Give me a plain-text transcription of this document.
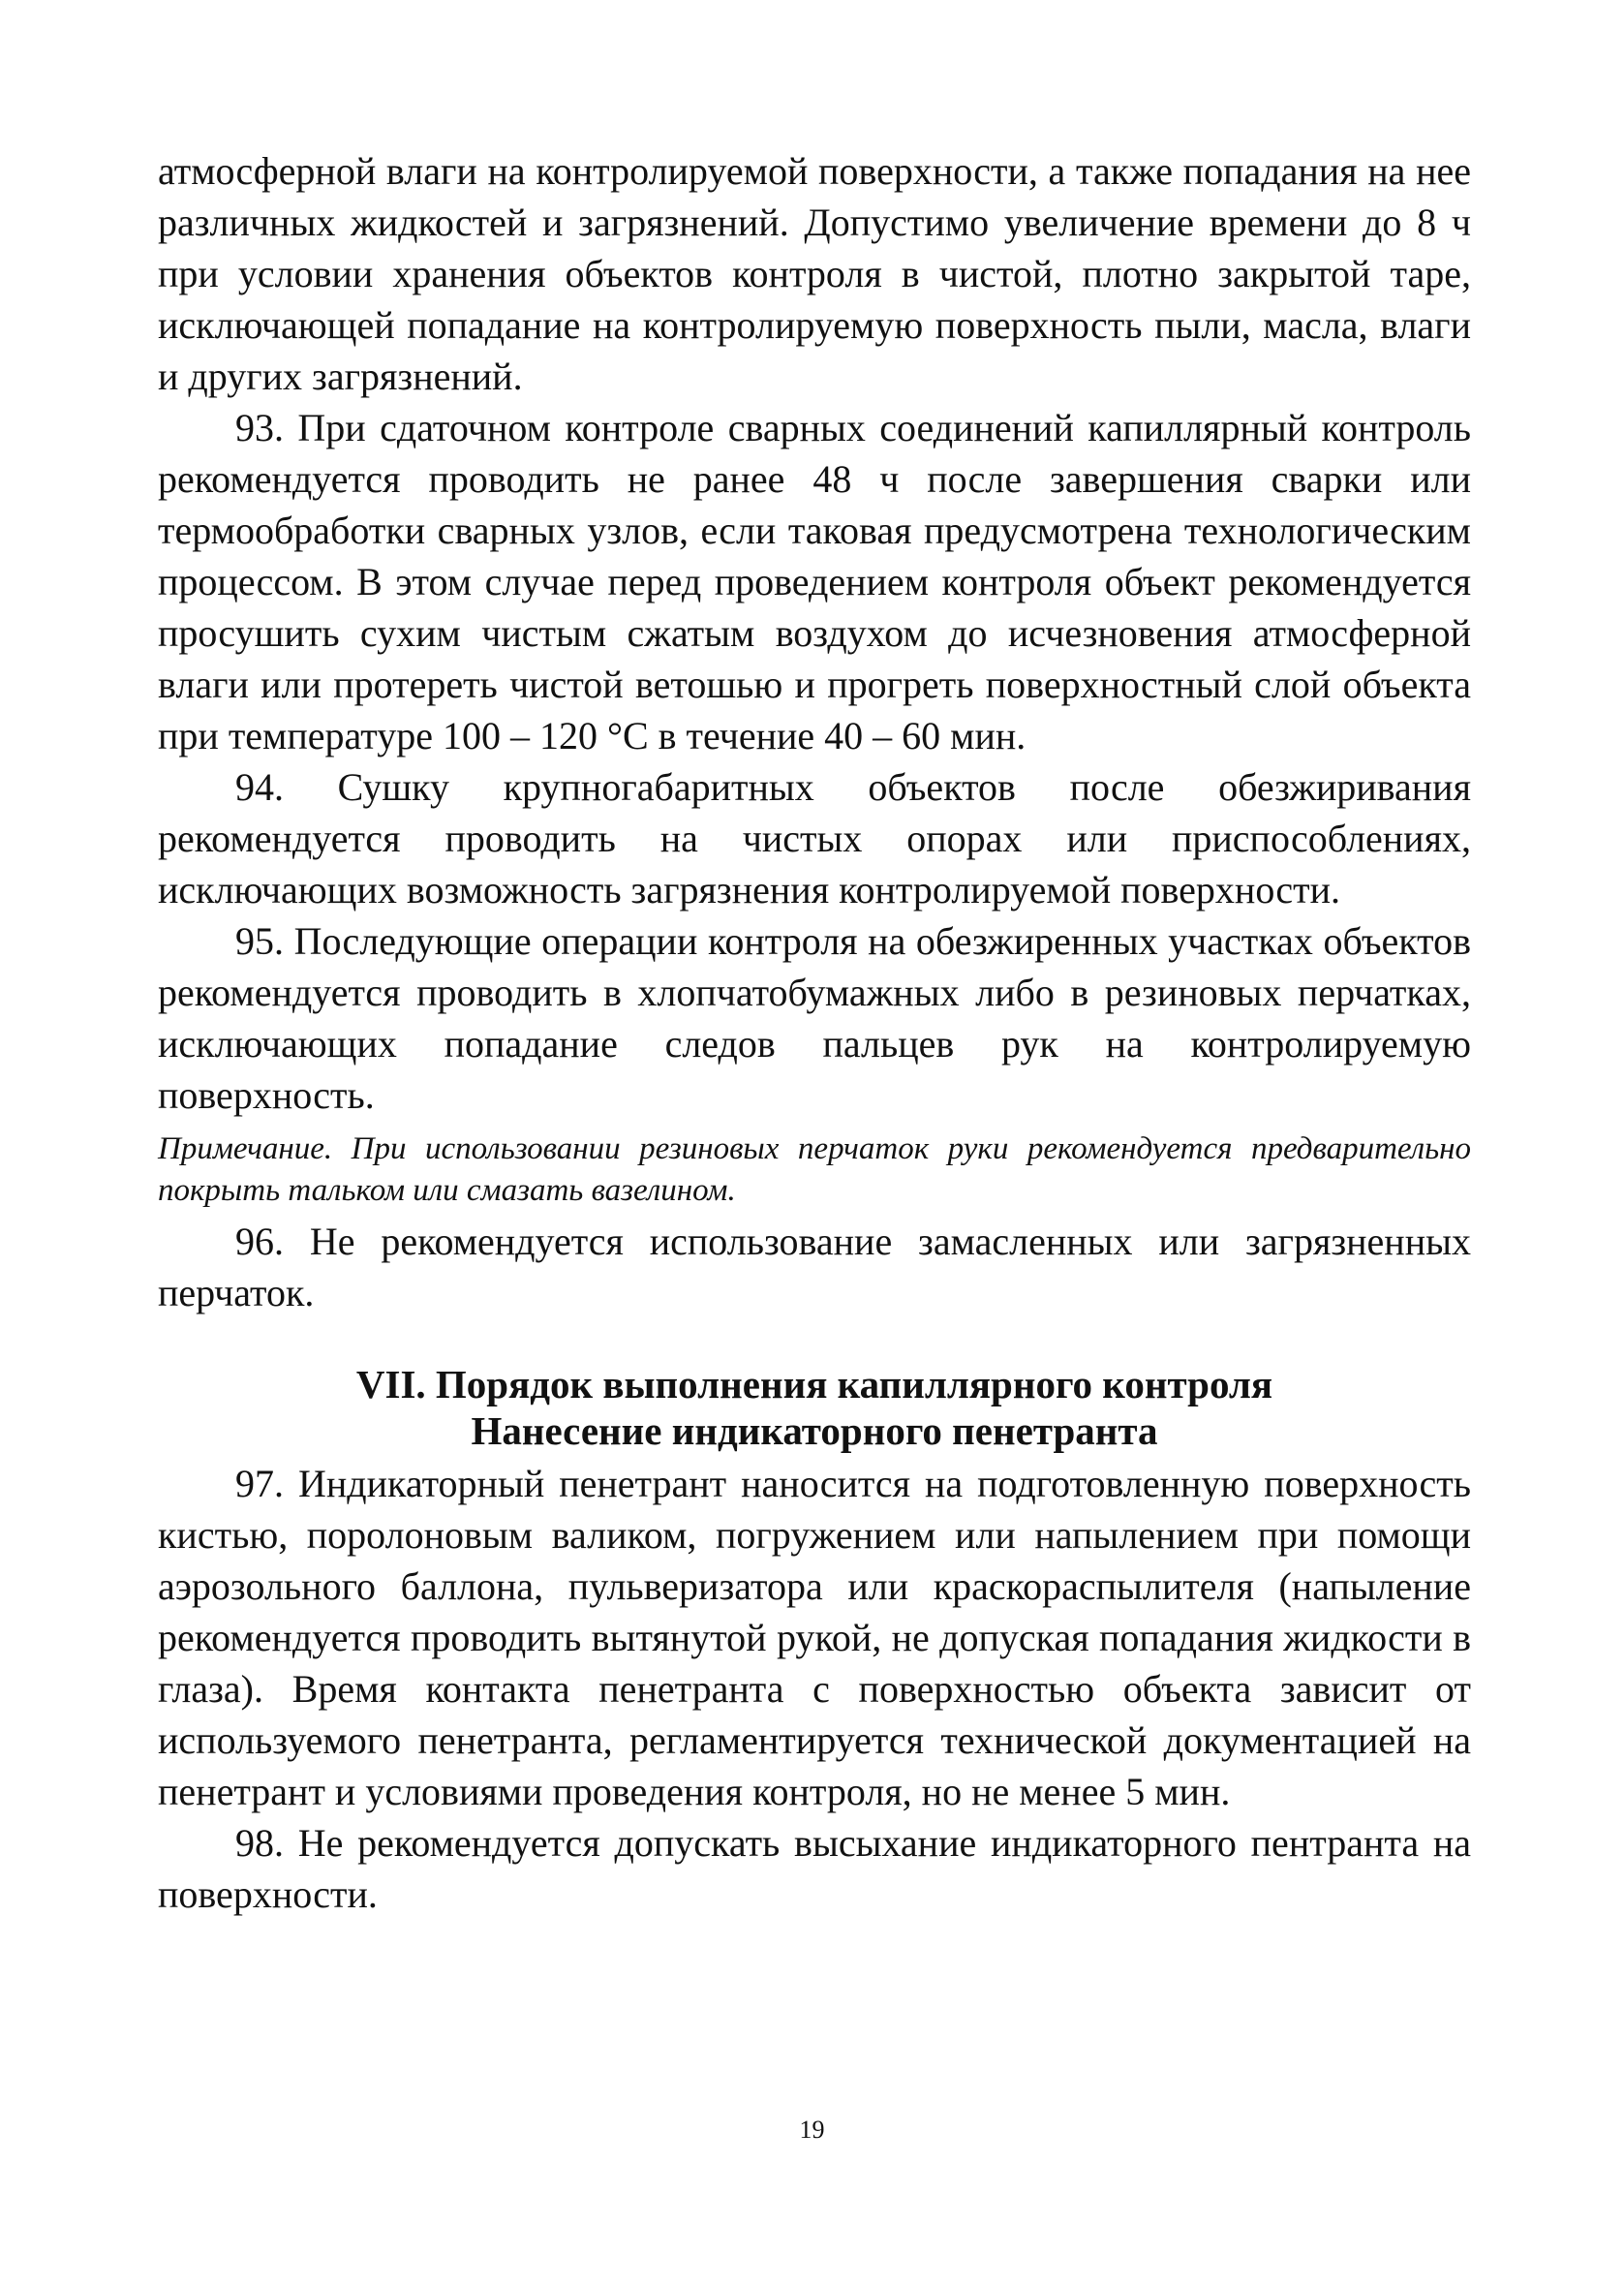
атмосферной влаги на контролируемой поверхности, а также попадания на нее различных жидкостей и загрязнений. Допустимо увеличение времени до 8 ч при условии хранения объектов контроля в чистой, плотно закрытой таре, исключающей попадание на контролируемую поверхность пыли, масла, влаги и других загрязнений.

93. При сдаточном контроле сварных соединений капиллярный контроль рекомендуется проводить не ранее 48 ч после завершения сварки или термообработки сварных узлов, если таковая предусмотрена технологическим процессом. В этом случае перед проведением контроля объект рекомендуется просушить сухим чистым сжатым воздухом до исчезновения атмосферной влаги или протереть чистой ветошью и прогреть поверхностный слой объекта при температуре 100 – 120 °С в течение 40 – 60 мин.

94. Сушку крупногабаритных объектов после обезжиривания рекомендуется проводить на чистых опорах или приспособлениях, исключающих возможность загрязнения контролируемой поверхности.

95. Последующие операции контроля на обезжиренных участках объектов рекомендуется проводить в хлопчатобумажных либо в резиновых перчатках, исключающих попадание следов пальцев рук на контролируемую поверхность.

Примечание. При использовании резиновых перчаток руки рекомендуется предварительно покрыть тальком или смазать вазелином.

96. Не рекомендуется использование замасленных или загрязненных перчаток.

VII. Порядок выполнения капиллярного контроля

Нанесение индикаторного пенетранта

97. Индикаторный пенетрант наносится на подготовленную поверхность кистью, поролоновым валиком, погружением или напылением при помощи аэрозольного баллона, пульверизатора или краскораспылителя (напыление рекомендуется проводить вытянутой рукой, не допуская попадания жидкости в глаза). Время контакта пенетранта с поверхностью объекта зависит от используемого пенетранта, регламентируется технической документацией на пенетрант и условиями проведения контроля, но не менее 5 мин.

98. Не рекомендуется допускать высыхание индикаторного пентранта на поверхности.

19
